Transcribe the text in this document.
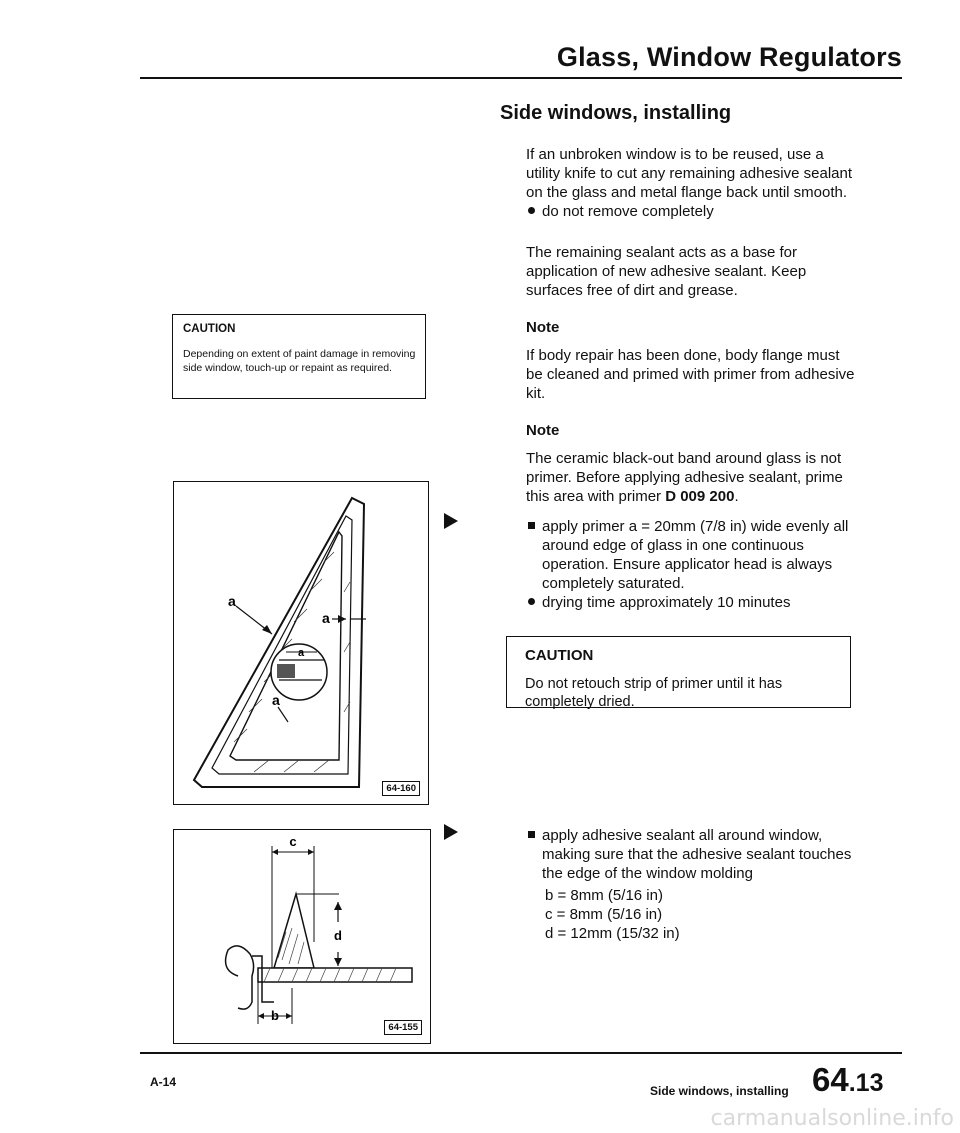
Glass, Window Regulators
Side windows, installing
If an unbroken window is to be reused, use a utility knife to cut any remaining adhesive sealant on the glass and metal flange back until smooth.
do not remove completely
The remaining sealant acts as a base for application of new adhesive sealant. Keep surfaces free of dirt and grease.
Note
If body repair has been done, body flange must be cleaned and primed with primer from adhesive kit.
Note
The ceramic black-out band around glass is not primer. Before applying adhesive sealant, prime this area with primer D 009 200.
apply primer a = 20mm (7/8 in) wide evenly all around edge of glass in one continuous operation. Ensure applicator head is always completely saturated.
drying time approximately 10 minutes
CAUTION
Do not retouch strip of primer until it has completely dried.
CAUTION
Depending on extent of paint damage in removing side window, touch-up or repaint as required.
apply adhesive sealant all around window, making sure that the adhesive sealant touches the edge of the window molding
b = 8mm (5/16 in)
c = 8mm (5/16 in)
d = 12mm (15/32 in)
a
a
a
a
64-160
c
d
b
64-155
A-14
Side windows, installing 64.13
carmanualsonline.info
